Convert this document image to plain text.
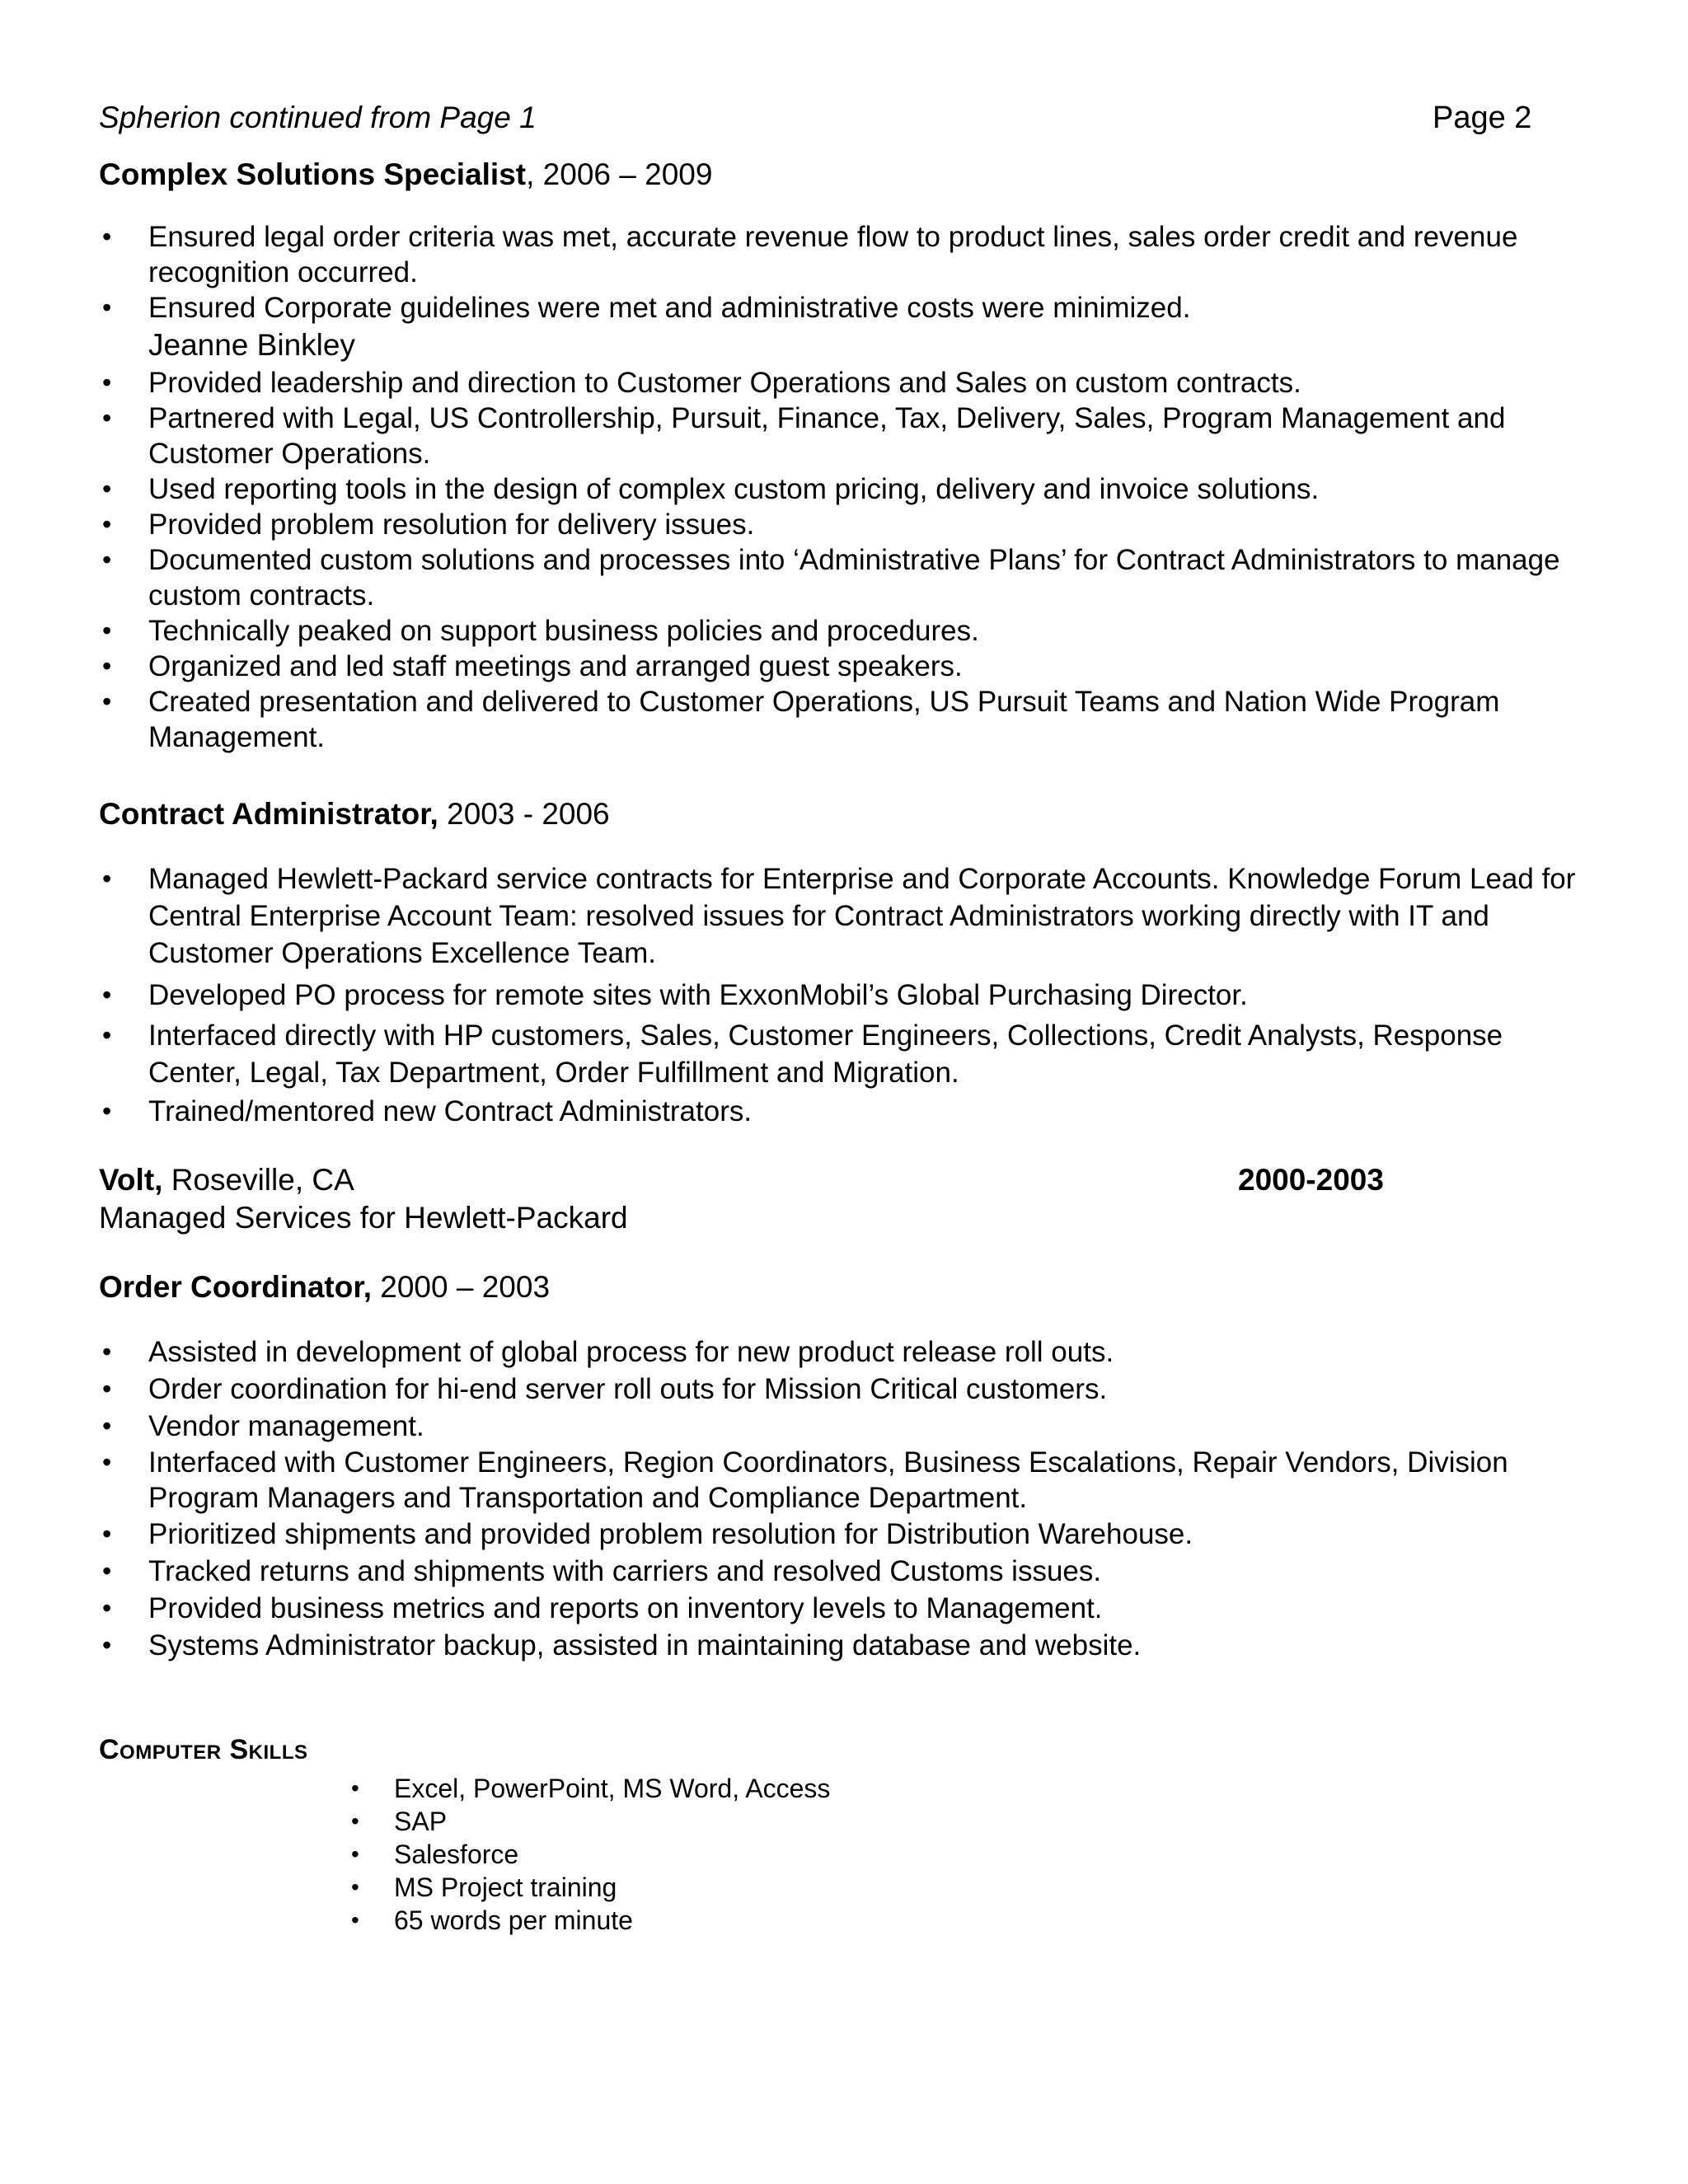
Spherion continued from Page 1	Page 2
Complex Solutions Specialist, 2006 – 2009
• Ensured legal order criteria was met, accurate revenue flow to product lines, sales order credit and revenue recognition occurred.
• Ensured Corporate guidelines were met and administrative costs were minimized.
Jeanne Binkley
• Provided leadership and direction to Customer Operations and Sales on custom contracts.
• Partnered with Legal, US Controllership, Pursuit, Finance, Tax, Delivery, Sales, Program Management and Customer Operations.
• Used reporting tools in the design of complex custom pricing, delivery and invoice solutions.
• Provided problem resolution for delivery issues.
• Documented custom solutions and processes into ‘Administrative Plans’ for Contract Administrators to manage custom contracts.
• Technically peaked on support business policies and procedures.
• Organized and led staff meetings and arranged guest speakers.
• Created presentation and delivered to Customer Operations, US Pursuit Teams and Nation Wide Program Management.
Contract Administrator, 2003 - 2006
• Managed Hewlett-Packard service contracts for Enterprise and Corporate Accounts. Knowledge Forum Lead for Central Enterprise Account Team: resolved issues for Contract Administrators working directly with IT and Customer Operations Excellence Team.
• Developed PO process for remote sites with ExxonMobil’s Global Purchasing Director.
• Interfaced directly with HP customers, Sales, Customer Engineers, Collections, Credit Analysts, Response Center, Legal, Tax Department, Order Fulfillment and Migration.
• Trained/mentored new Contract Administrators.
Volt, Roseville, CA	2000-2003
Managed Services for Hewlett-Packard
Order Coordinator, 2000 – 2003
• Assisted in development of global process for new product release roll outs.
• Order coordination for hi-end server roll outs for Mission Critical customers.
• Vendor management.
• Interfaced with Customer Engineers, Region Coordinators, Business Escalations, Repair Vendors, Division Program Managers and Transportation and Compliance Department.
• Prioritized shipments and provided problem resolution for Distribution Warehouse.
• Tracked returns and shipments with carriers and resolved Customs issues.
• Provided business metrics and reports on inventory levels to Management.
• Systems Administrator backup, assisted in maintaining database and website.
Computer Skills
• Excel, PowerPoint, MS Word, Access
• SAP
• Salesforce
• MS Project training
• 65 words per minute
